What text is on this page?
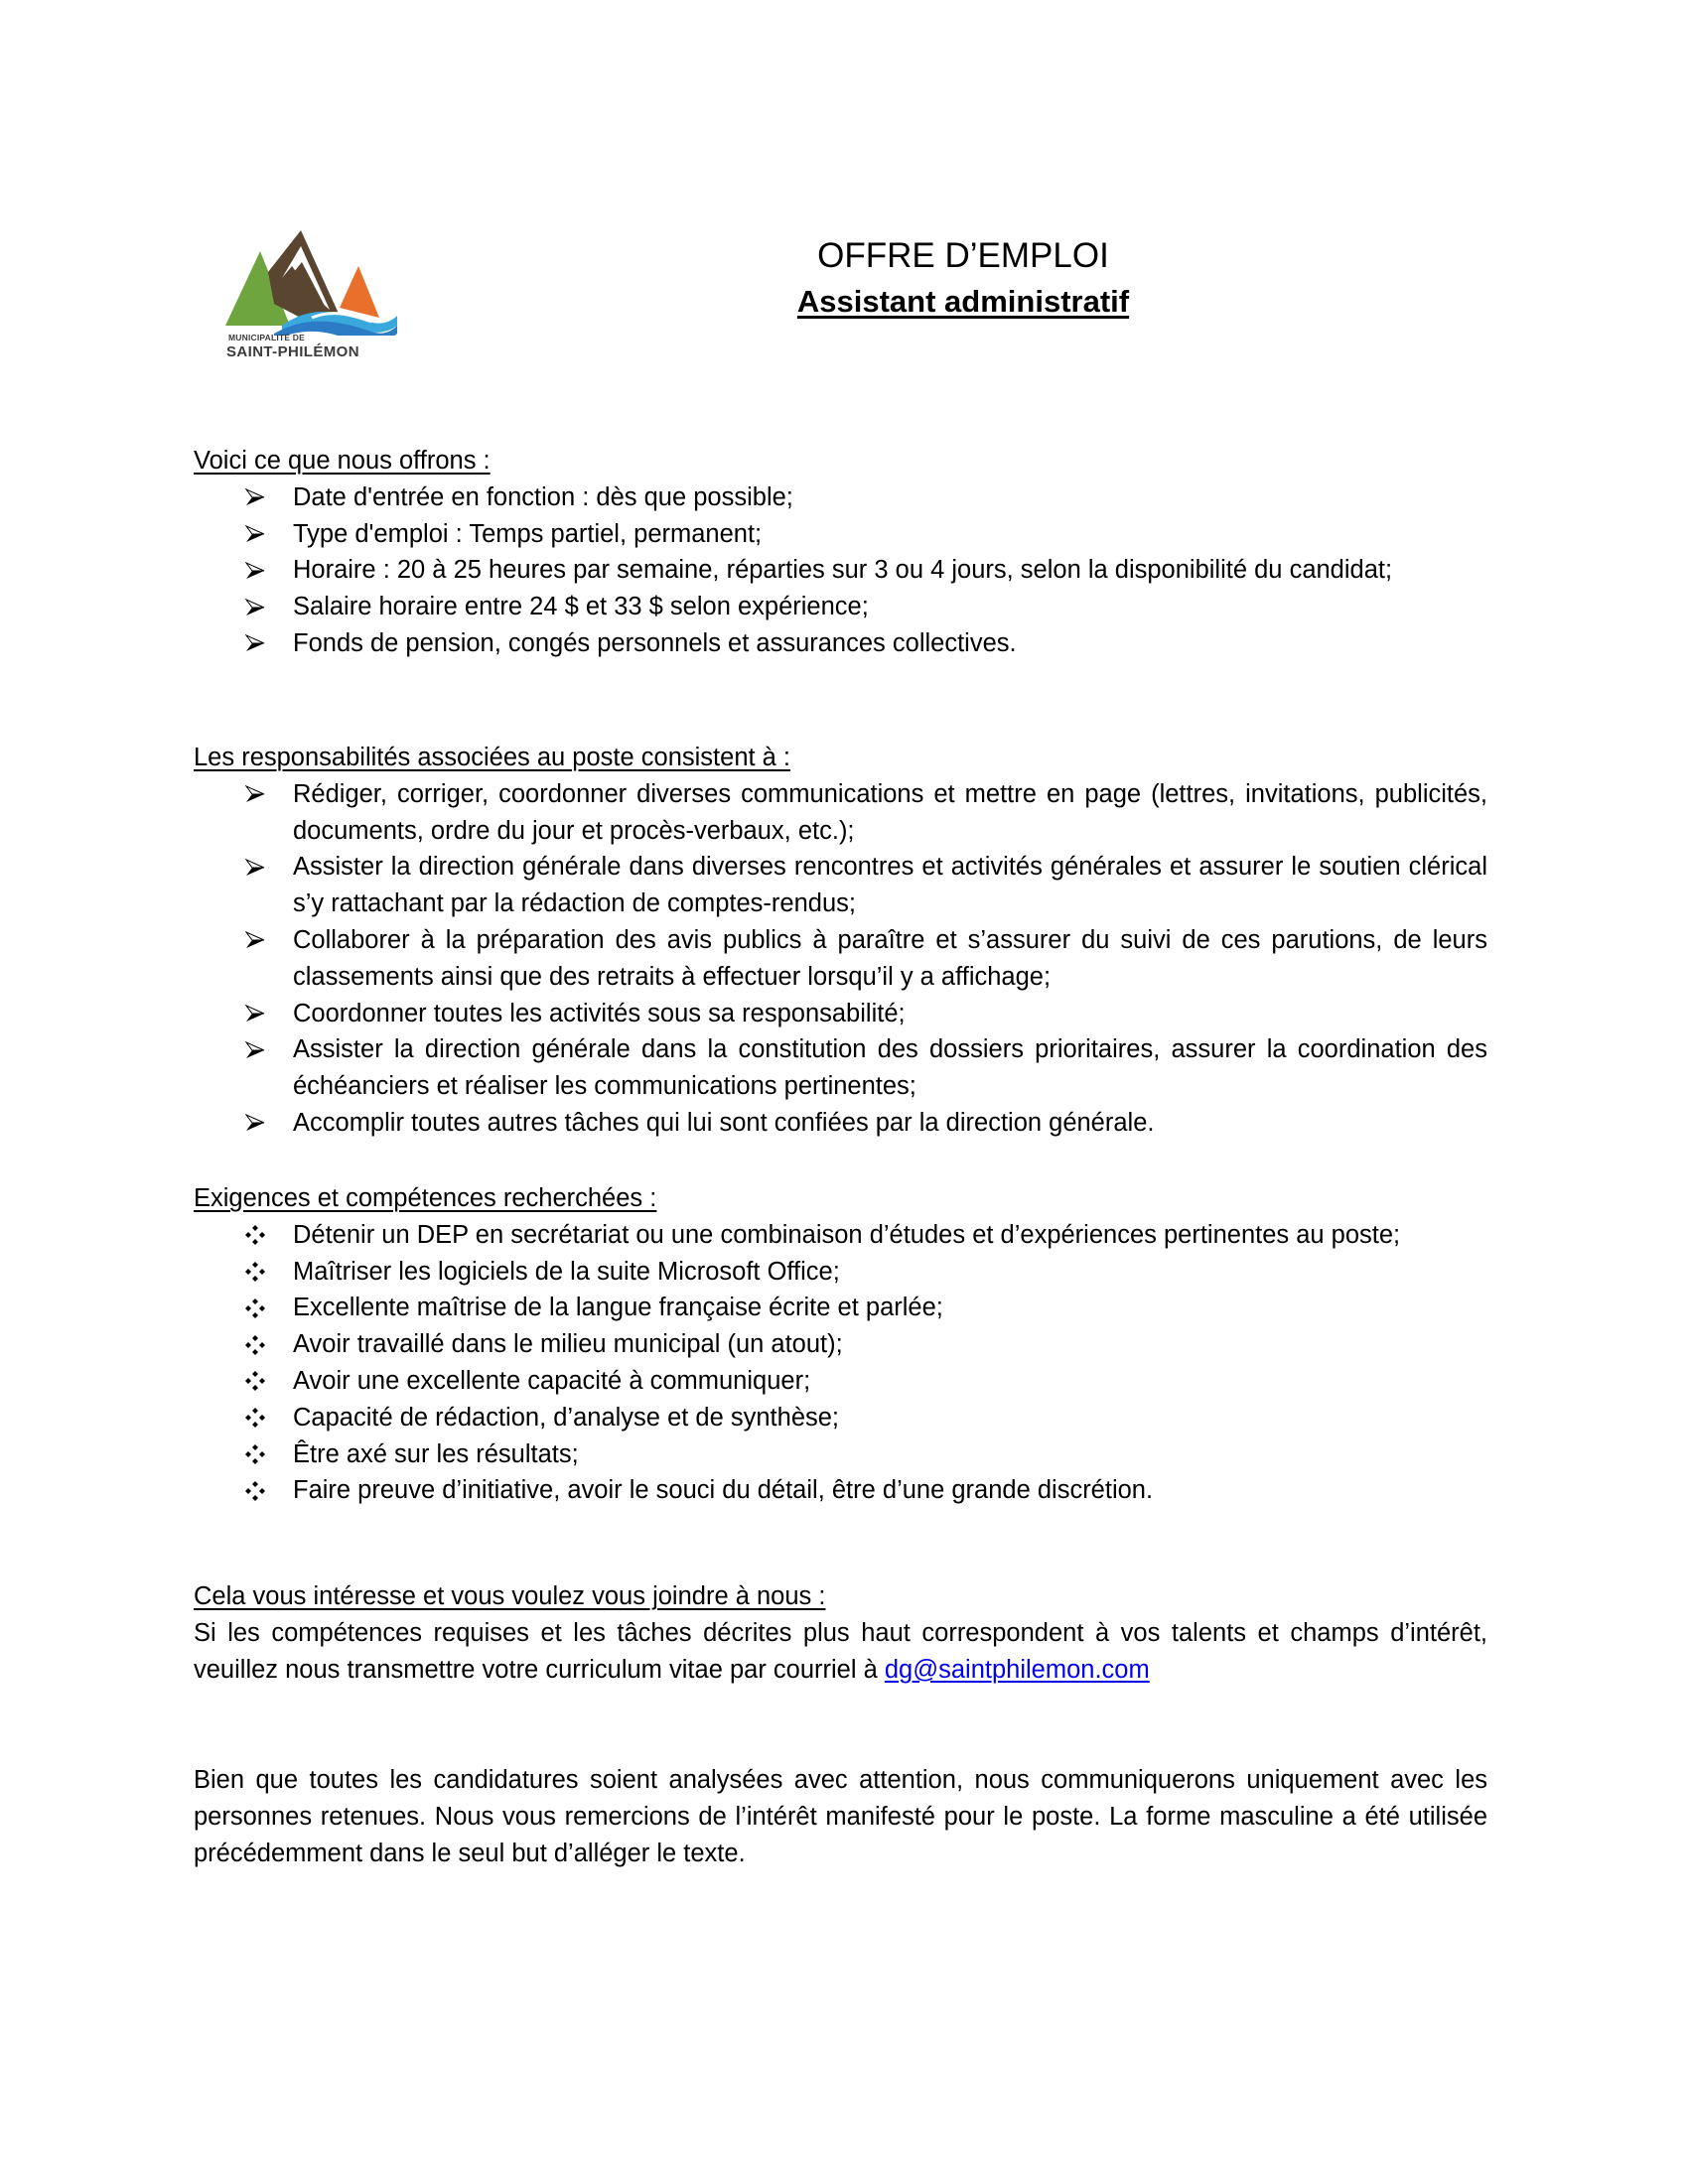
MUNICIPALITÉ DE
SAINT-PHILÉMON
OFFRE D’EMPLOI
Assistant administratif

Voici ce que nous offrons :

Date d'entrée en fonction : dès que possible;
Type d'emploi : Temps partiel, permanent;
Horaire : 20 à 25 heures par semaine, réparties sur 3 ou 4 jours, selon la disponibilité du candidat;
Salaire horaire entre 24 $ et 33 $ selon expérience;
Fonds de pension, congés personnels et assurances collectives.

Les responsabilités associées au poste consistent à :

Rédiger, corriger, coordonner diverses communications et mettre en page (lettres, invitations, publicités, documents, ordre du jour et procès-verbaux, etc.);
Assister la direction générale dans diverses rencontres et activités générales et assurer le soutien clérical s’y rattachant par la rédaction de comptes-rendus;
Collaborer à la préparation des avis publics à paraître et s’assurer du suivi de ces parutions, de leurs classements ainsi que des retraits à effectuer lorsqu’il y a affichage;
Coordonner toutes les activités sous sa responsabilité;
Assister la direction générale dans la constitution des dossiers prioritaires, assurer la coordination des échéanciers et réaliser les communications pertinentes;
Accomplir toutes autres tâches qui lui sont confiées par la direction générale.

Exigences et compétences recherchées :

Détenir un DEP en secrétariat ou une combinaison d’études et d’expériences pertinentes au poste;
Maîtriser les logiciels de la suite Microsoft Office;
Excellente maîtrise de la langue française écrite et parlée;
Avoir travaillé dans le milieu municipal (un atout);
Avoir une excellente capacité à communiquer;
Capacité de rédaction, d’analyse et de synthèse;
Être axé sur les résultats;
Faire preuve d’initiative, avoir le souci du détail, être d’une grande discrétion.

Cela vous intéresse et vous voulez vous joindre à nous :

Si les compétences requises et les tâches décrites plus haut correspondent à vos talents et champs d’intérêt, veuillez nous transmettre votre curriculum vitae par courriel à dg@saintphilemon.com

Bien que toutes les candidatures soient analysées avec attention, nous communiquerons uniquement avec les personnes retenues. Nous vous remercions de l’intérêt manifesté pour le poste. La forme masculine a été utilisée précédemment dans le seul but d’alléger le texte.
